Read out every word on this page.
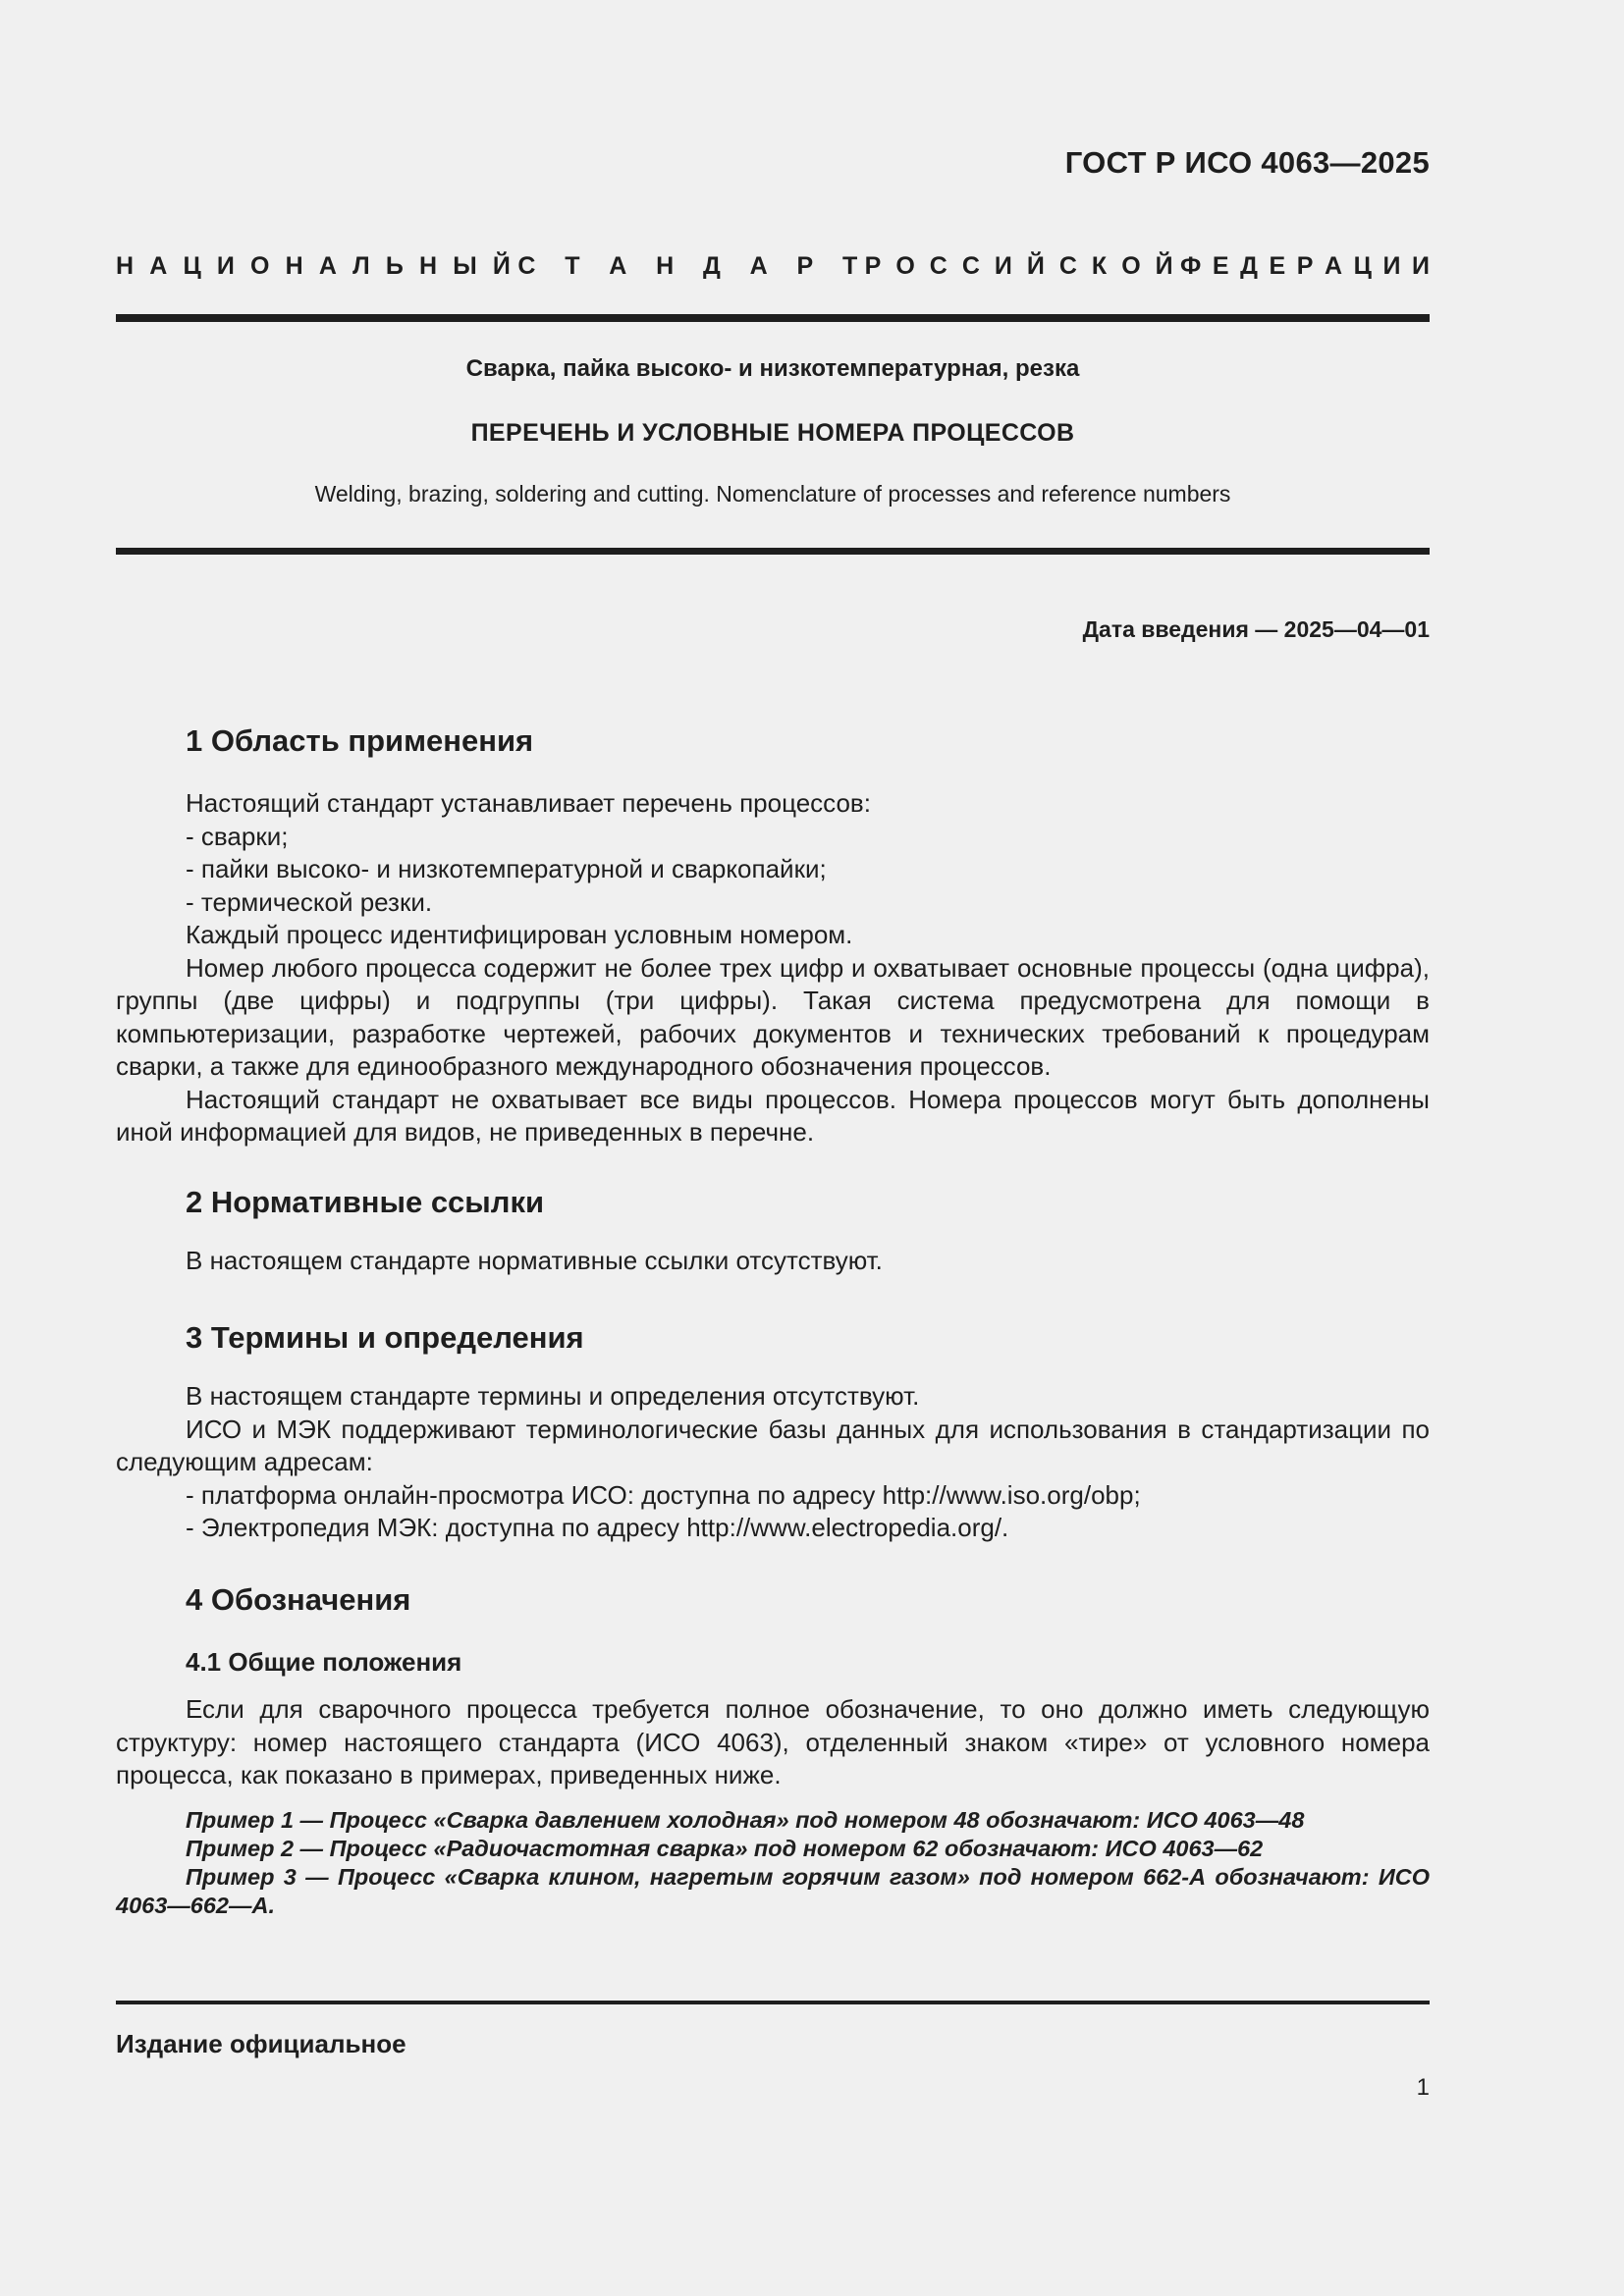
ГОСТ Р ИСО 4063—2025
Н А Ц И О Н А Л Ь Н Ы Й С Т А Н Д А Р Т Р О С С И Й С К О Й Ф Е Д Е Р А Ц И И
Сварка, пайка высоко- и низкотемпературная, резка
ПЕРЕЧЕНЬ И УСЛОВНЫЕ НОМЕРА ПРОЦЕССОВ
Welding, brazing, soldering and cutting. Nomenclature of processes and reference numbers
Дата введения — 2025—04—01
1 Область применения

Настоящий стандарт устанавливает перечень процессов:

- сварки;

- пайки высоко- и низкотемпературной и сваркопайки;

- термической резки.

Каждый процесс идентифицирован условным номером.

Номер любого процесса содержит не более трех цифр и охватывает основные процессы (одна цифра), группы (две цифры) и подгруппы (три цифры). Такая система предусмотрена для помощи в компьютеризации, разработке чертежей, рабочих документов и технических требований к процедурам сварки, а также для единообразного международного обозначения процессов.

Настоящий стандарт не охватывает все виды процессов. Номера процессов могут быть дополнены иной информацией для видов, не приведенных в перечне.

2 Нормативные ссылки

В настоящем стандарте нормативные ссылки отсутствуют.

3 Термины и определения

В настоящем стандарте термины и определения отсутствуют.

ИСО и МЭК поддерживают терминологические базы данных для использования в стандартизации по следующим адресам:

- платформа онлайн-просмотра ИСО: доступна по адресу http://www.iso.org/obp;

- Электропедия МЭК: доступна по адресу http://www.electropedia.org/.

4 Обозначения
4.1 Общие положения

Если для сварочного процесса требуется полное обозначение, то оно должно иметь следующую структуру: номер настоящего стандарта (ИСО 4063), отделенный знаком «тире» от условного номера процесса, как показано в примерах, приведенных ниже.

Пример 1 — Процесс «Сварка давлением холодная» под номером 48 обозначают: ИСО 4063—48

Пример 2 — Процесс «Радиочастотная сварка» под номером 62 обозначают: ИСО 4063—62

Пример 3 — Процесс «Сварка клином, нагретым горячим газом» под номером 662-А обозначают: ИСО 4063—662—А.

Издание официальное
1
